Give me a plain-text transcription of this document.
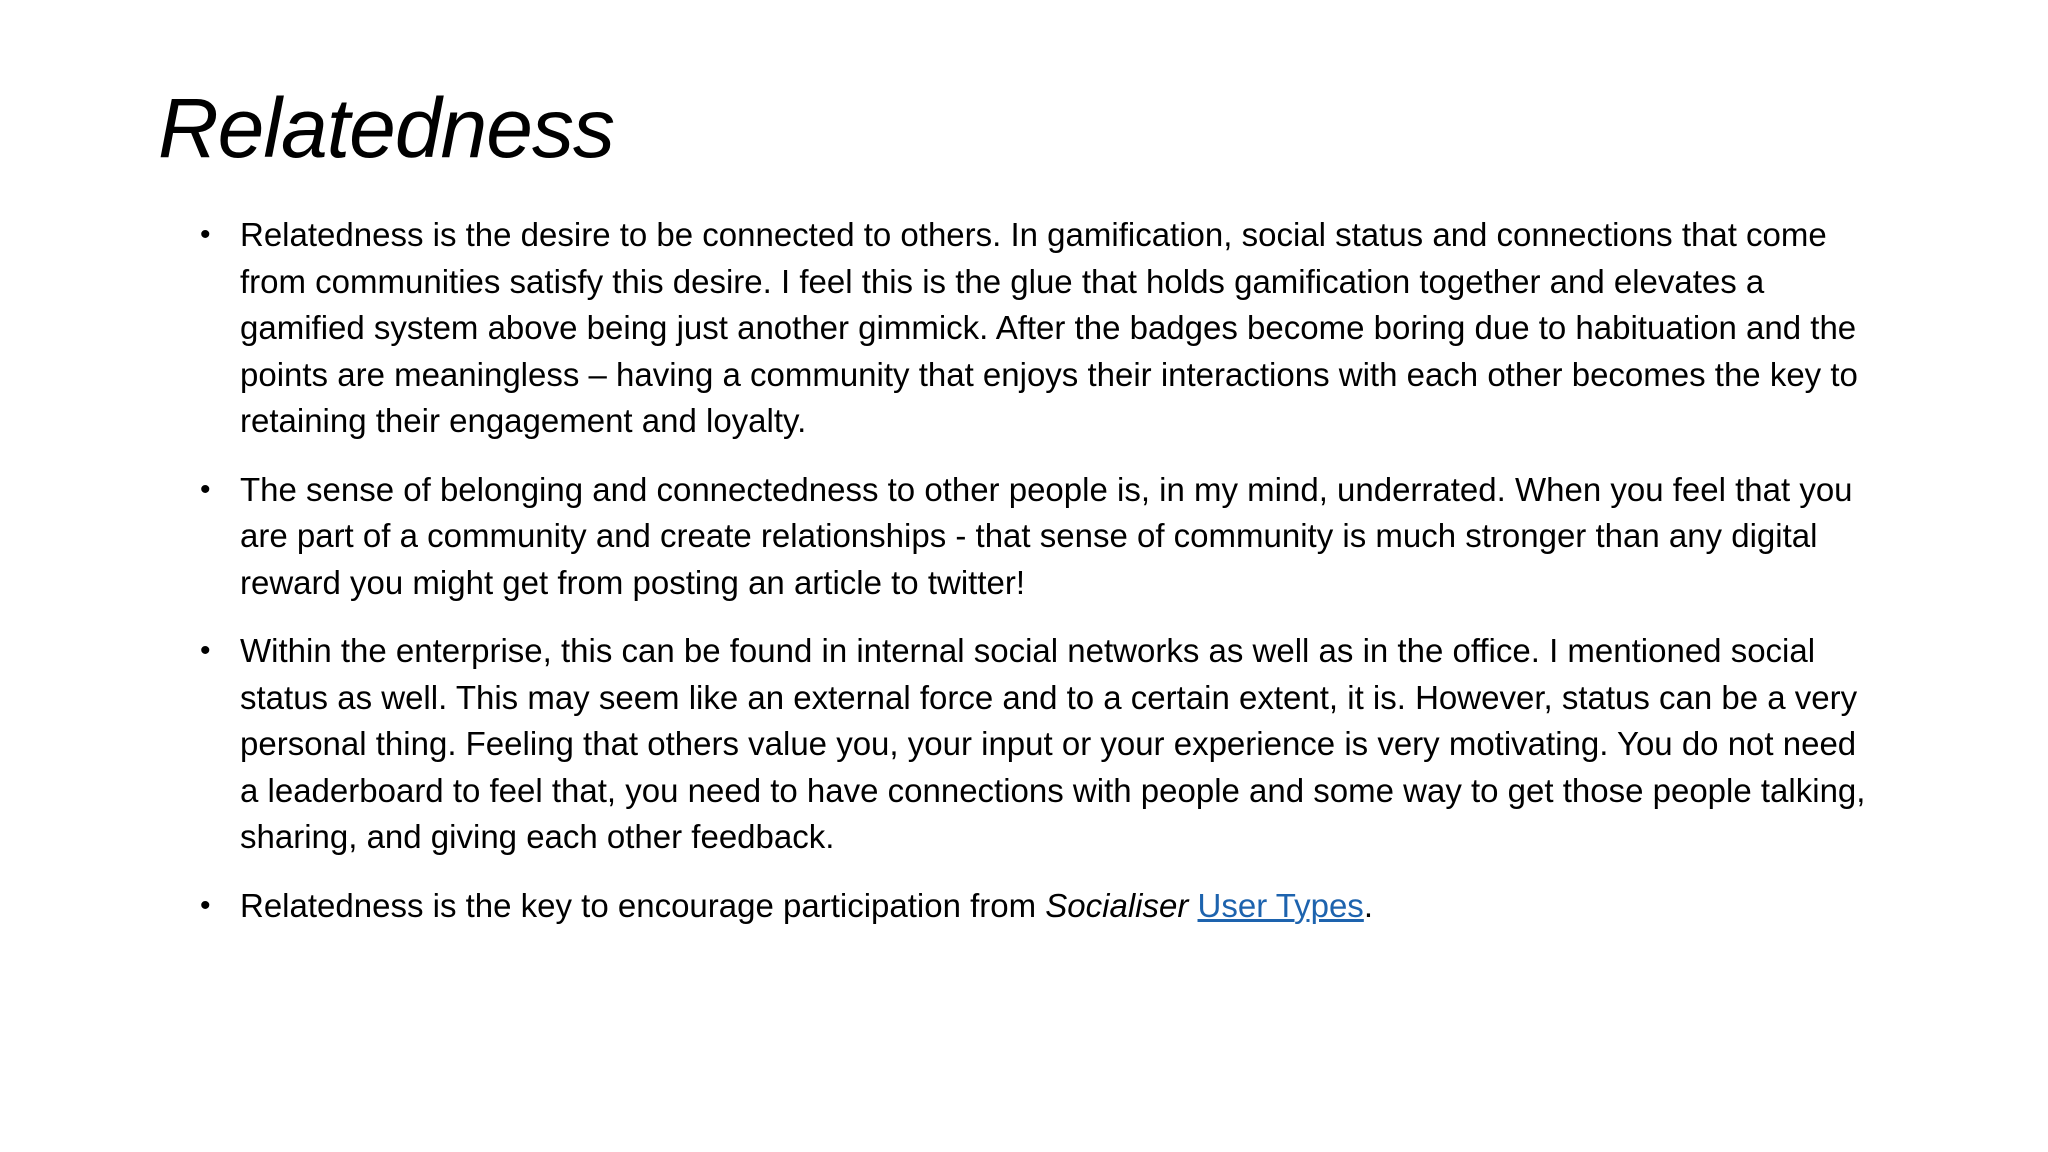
Relatedness
• Relatedness is the desire to be connected to others. In gamification, social status and connections that come from communities satisfy this desire. I feel this is the glue that holds gamification together and elevates a gamified system above being just another gimmick. After the badges become boring due to habituation and the points are meaningless – having a community that enjoys their interactions with each other becomes the key to retaining their engagement and loyalty.
• The sense of belonging and connectedness to other people is, in my mind, underrated. When you feel that you are part of a community and create relationships - that sense of community is much stronger than any digital reward you might get from posting an article to twitter!
• Within the enterprise, this can be found in internal social networks as well as in the office. I mentioned social status as well. This may seem like an external force and to a certain extent, it is. However, status can be a very personal thing. Feeling that others value you, your input or your experience is very motivating. You do not need a leaderboard to feel that, you need to have connections with people and some way to get those people talking, sharing, and giving each other feedback.
• Relatedness is the key to encourage participation from Socialiser User Types.
